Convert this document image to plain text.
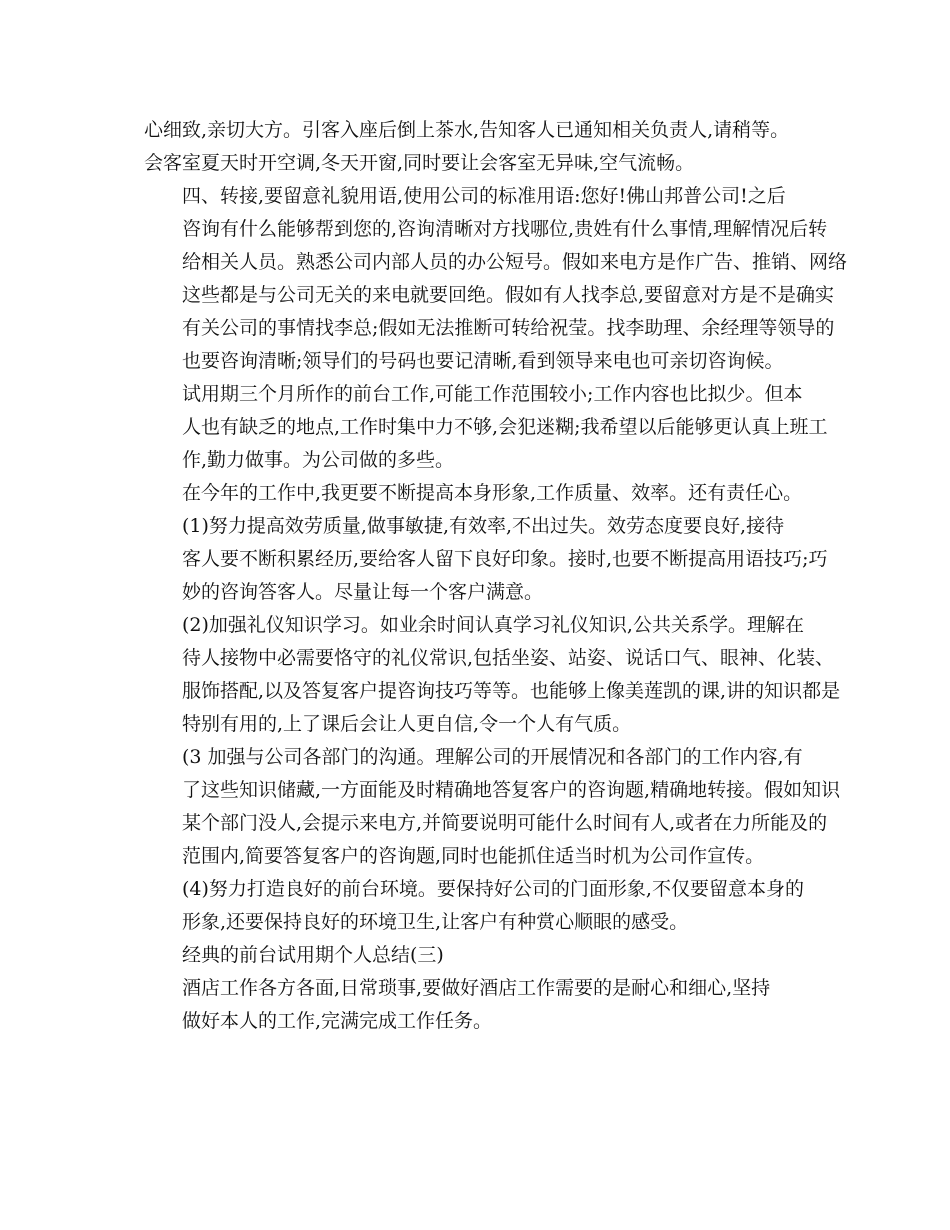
心细致,亲切大方。引客入座后倒上茶水,告知客人已通知相关负责人,请稍等。
会客室夏天时开空调,冬天开窗,同时要让会客室无异味,空气流畅。

四、转接,要留意礼貌用语,使用公司的标准用语:您好!佛山邦普公司!之后
咨询有什么能够帮到您的,咨询清晰对方找哪位,贵姓有什么事情,理解情况后转
给相关人员。熟悉公司内部人员的办公短号。假如来电方是作广告、推销、网络
这些都是与公司无关的来电就要回绝。假如有人找李总,要留意对方是不是确实
有关公司的事情找李总;假如无法推断可转给祝莹。找李助理、余经理等领导的
也要咨询清晰;领导们的号码也要记清晰,看到领导来电也可亲切咨询候。

试用期三个月所作的前台工作,可能工作范围较小;工作内容也比拟少。但本
人也有缺乏的地点,工作时集中力不够,会犯迷糊;我希望以后能够更认真上班工
作,勤力做事。为公司做的多些。

在今年的工作中,我更要不断提高本身形象,工作质量、效率。还有责任心。

(1)努力提高效劳质量,做事敏捷,有效率,不出过失。效劳态度要良好,接待
客人要不断积累经历,要给客人留下良好印象。接时,也要不断提高用语技巧;巧
妙的咨询答客人。尽量让每一个客户满意。

(2)加强礼仪知识学习。如业余时间认真学习礼仪知识,公共关系学。理解在
待人接物中必需要恪守的礼仪常识,包括坐姿、站姿、说话口气、眼神、化装、
服饰搭配,以及答复客户提咨询技巧等等。也能够上像美莲凯的课,讲的知识都是
特别有用的,上了课后会让人更自信,令一个人有气质。

(3 加强与公司各部门的沟通。理解公司的开展情况和各部门的工作内容,有
了这些知识储藏,一方面能及时精确地答复客户的咨询题,精确地转接。假如知识
某个部门没人,会提示来电方,并简要说明可能什么时间有人,或者在力所能及的
范围内,简要答复客户的咨询题,同时也能抓住适当时机为公司作宣传。

(4)努力打造良好的前台环境。要保持好公司的门面形象,不仅要留意本身的
形象,还要保持良好的环境卫生,让客户有种赏心顺眼的感受。

经典的前台试用期个人总结(三)

酒店工作各方各面,日常琐事,要做好酒店工作需要的是耐心和细心,坚持
做好本人的工作,完满完成工作任务。
